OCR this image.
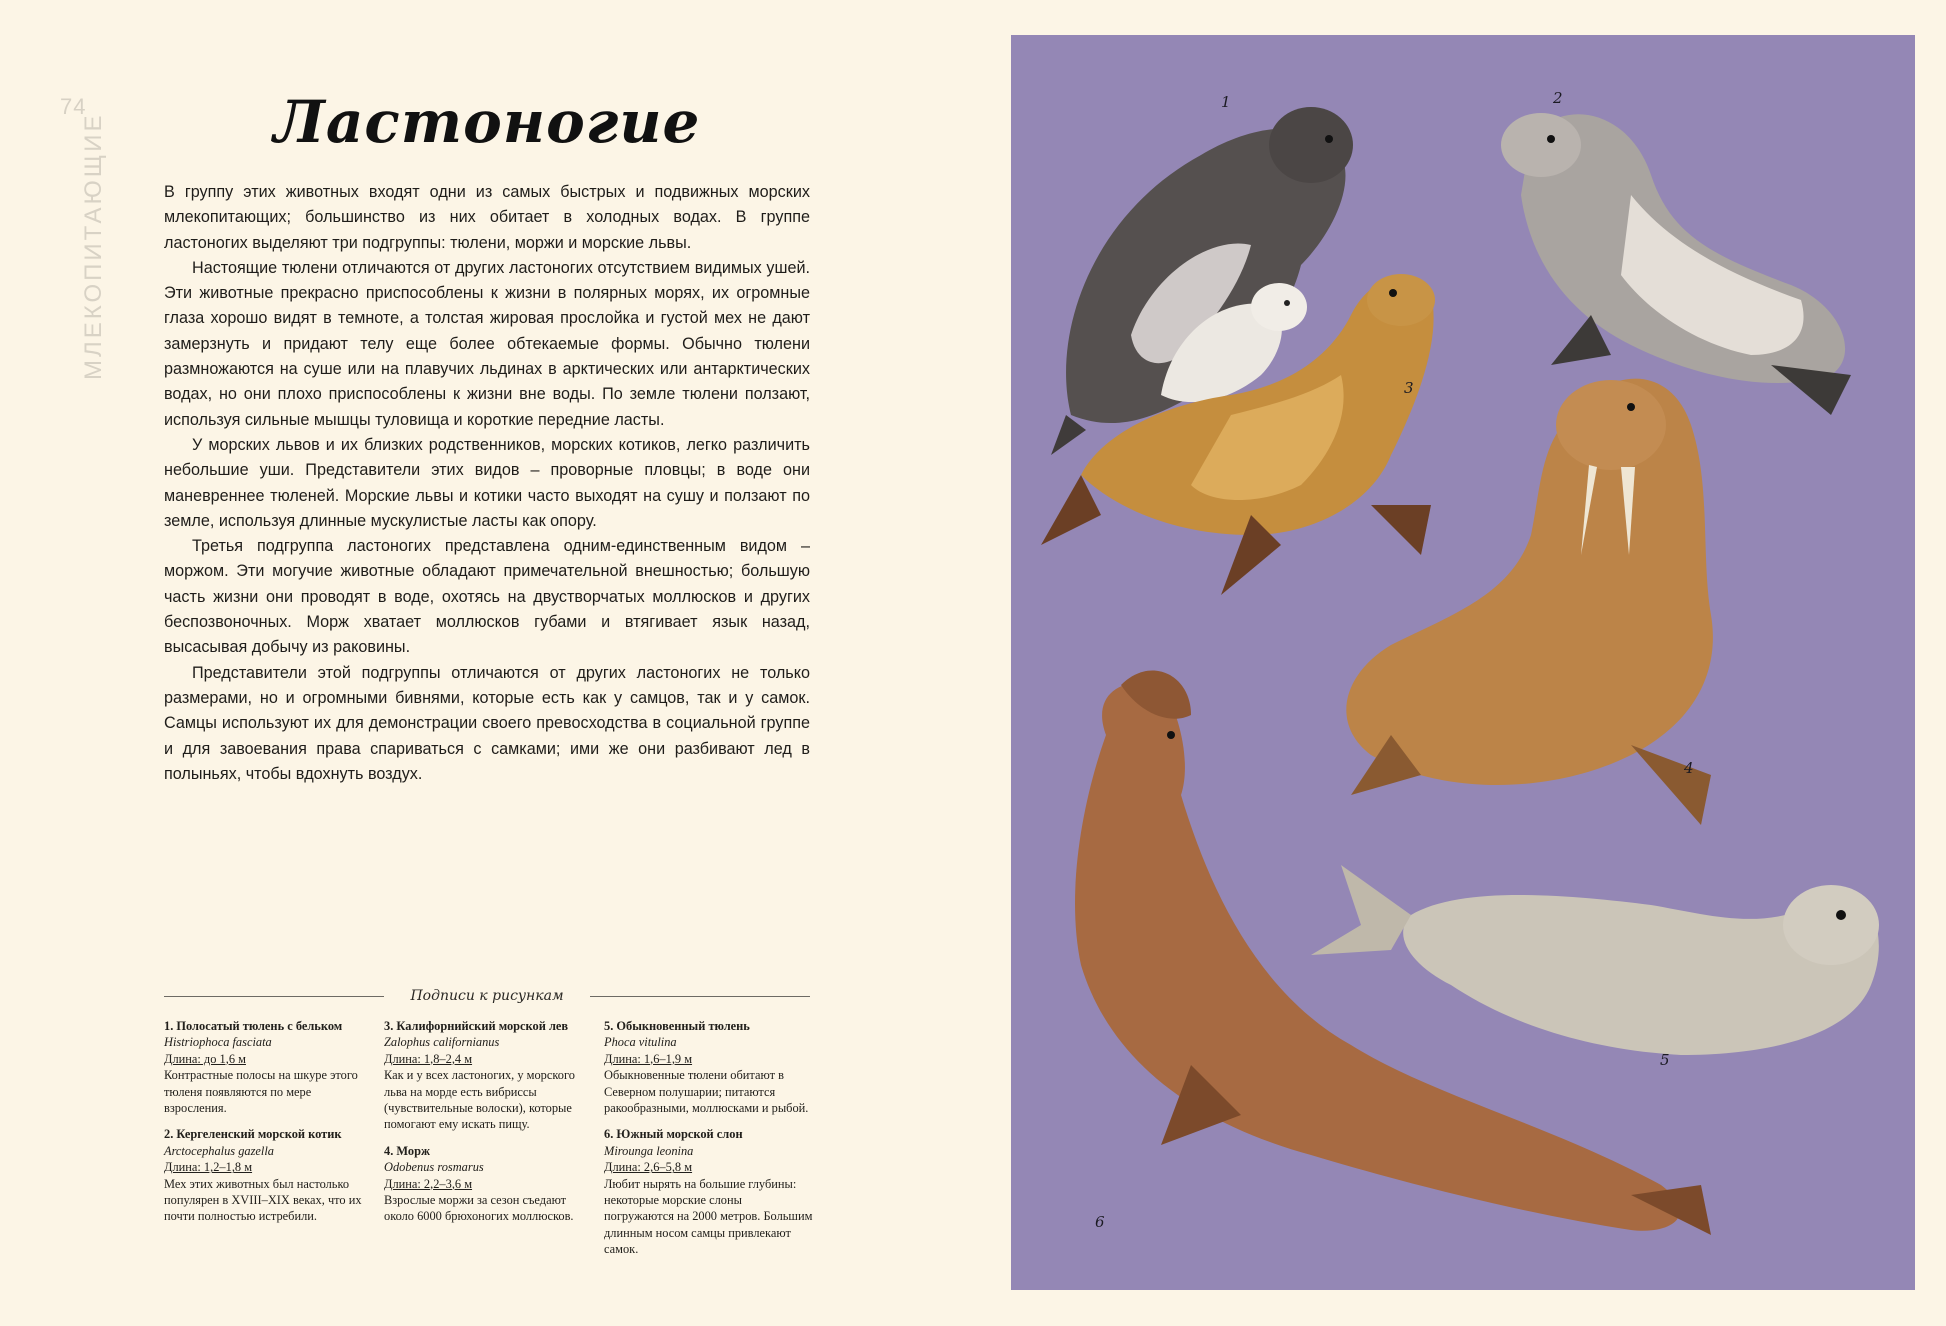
74
МЛЕКОПИТАЮЩИЕ	Ластоногие

В группу этих животных входят одни из самых быстрых и подвижных морских млекопитающих; большинство из них обитает в холодных водах. В группе ластоногих выделяют три подгруппы: тюлени, моржи и морские львы.

Настоящие тюлени отличаются от других ластоногих отсутствием видимых ушей. Эти животные прекрасно приспособлены к жизни в полярных морях, их огромные глаза хорошо видят в темноте, а толстая жировая прослойка и густой мех не дают замерзнуть и придают телу еще более обтекаемые формы. Обычно тюлени размножаются на суше или на плавучих льдинах в арктических или антарктических водах, но они плохо приспособлены к жизни вне воды. По земле тюлени ползают, используя сильные мышцы туловища и короткие передние ласты.

У морских львов и их близких родственников, морских котиков, легко различить небольшие уши. Представители этих видов – проворные пловцы; в воде они маневреннее тюленей. Морские львы и котики часто выходят на сушу и ползают по земле, используя длинные мускулистые ласты как опору.

Третья подгруппа ластоногих представлена одним-единственным видом – моржом. Эти могучие животные обладают примечательной внешностью; большую часть жизни они проводят в воде, охотясь на двустворчатых моллюсков и других беспозвоночных. Морж хватает моллюсков губами и втягивает язык назад, высасывая добычу из раковины.

Представители этой подгруппы отличаются от других ластоногих не только размерами, но и огромными бивнями, которые есть как у самцов, так и у самок. Самцы используют их для демонстрации своего превосходства в социальной группе и для завоевания права спариваться с самками; ими же они разбивают лед в полыньях, чтобы вдохнуть воздух.

Подписи к рисункам
1. Полосатый тюлень с бельком
Histriophoca fasciata
Длина: до 1,6 м
Контрастные полосы на шкуре этого тюленя появляются по мере взросления.
2. Кергеленский морской котик
Arctocephalus gazella
Длина: 1,2–1,8 м
Мех этих животных был настолько популярен в XVIII–XIX веках, что их почти полностью истребили.
3. Калифорнийский морской лев
Zalophus californianus
Длина: 1,8–2,4 м
Как и у всех ластоногих, у морского льва на морде есть вибриссы (чувствительные волоски), которые помогают ему искать пищу.
4. Морж
Odobenus rosmarus
Длина: 2,2–3,6 м
Взрослые моржи за сезон съедают около 6000 брюхоногих моллюсков.
5. Обыкновенный тюлень
Phoca vitulina
Длина: 1,6–1,9 м
Обыкновенные тюлени обитают в Северном полушарии; питаются ракообразными, моллюсками и рыбой.
6. Южный морской слон
Mirounga leonina
Длина: 2,6–5,8 м
Любит нырять на большие глубины: некоторые морские слоны погружаются на 2000 метров. Большим длинным носом самцы привлекают самок.
1	2
3
4
5
6
